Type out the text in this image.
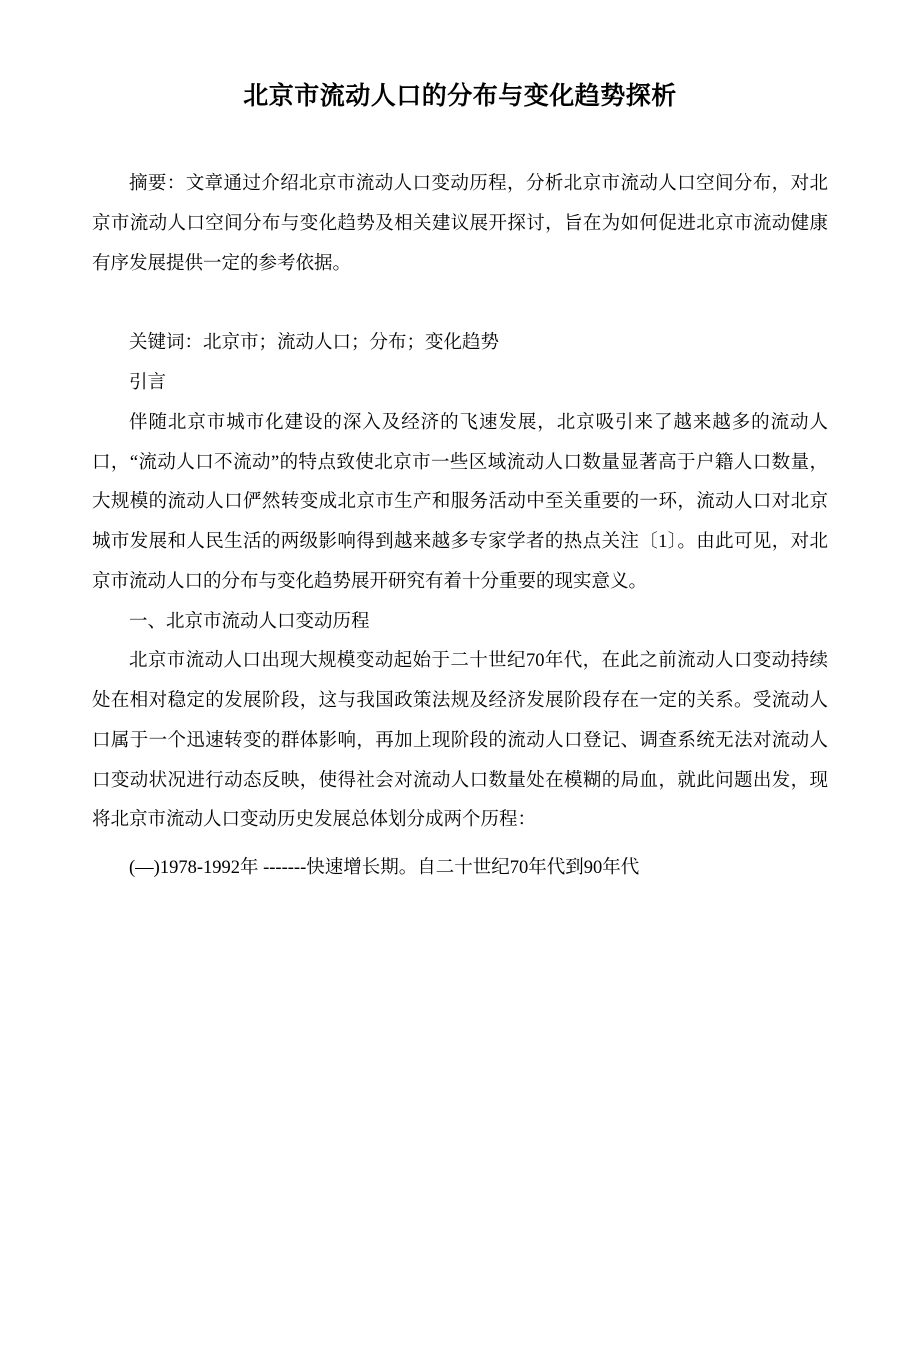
北京市流动人口的分布与变化趋势探析

摘要：文章通过介绍北京市流动人口变动历程，分析北京市流动人口空间分布，对北京市流动人口空间分布与变化趋势及相关建议展开探讨，旨在为如何促进北京市流动健康有序发展提供一定的参考依据。

关键词：北京市；流动人口；分布；变化趋势

引言

伴随北京市城市化建设的深入及经济的飞速发展，北京吸引来了越来越多的流动人口，“流动人口不流动”的特点致使北京市一些区域流动人口数量显著高于户籍人口数量，大规模的流动人口俨然转变成北京市生产和服务活动中至关重要的一环，流动人口对北京城市发展和人民生活的两级影响得到越来越多专家学者的热点关注〔1〕。由此可见，对北京市流动人口的分布与变化趋势展开研究有着十分重要的现实意义。

一、北京市流动人口变动历程

北京市流动人口出现大规模变动起始于二十世纪70年代，在此之前流动人口变动持续处在相对稳定的发展阶段，这与我国政策法规及经济发展阶段存在一定的关系。受流动人口属于一个迅速转变的群体影响，再加上现阶段的流动人口登记、调查系统无法对流动人口变动状况进行动态反映，使得社会对流动人口数量处在模糊的局血，就此问题出发，现将北京市流动人口变动历史发展总体划分成两个历程：

(—)1978-1992年 -------快速增长期。自二十世纪70年代到90年代
